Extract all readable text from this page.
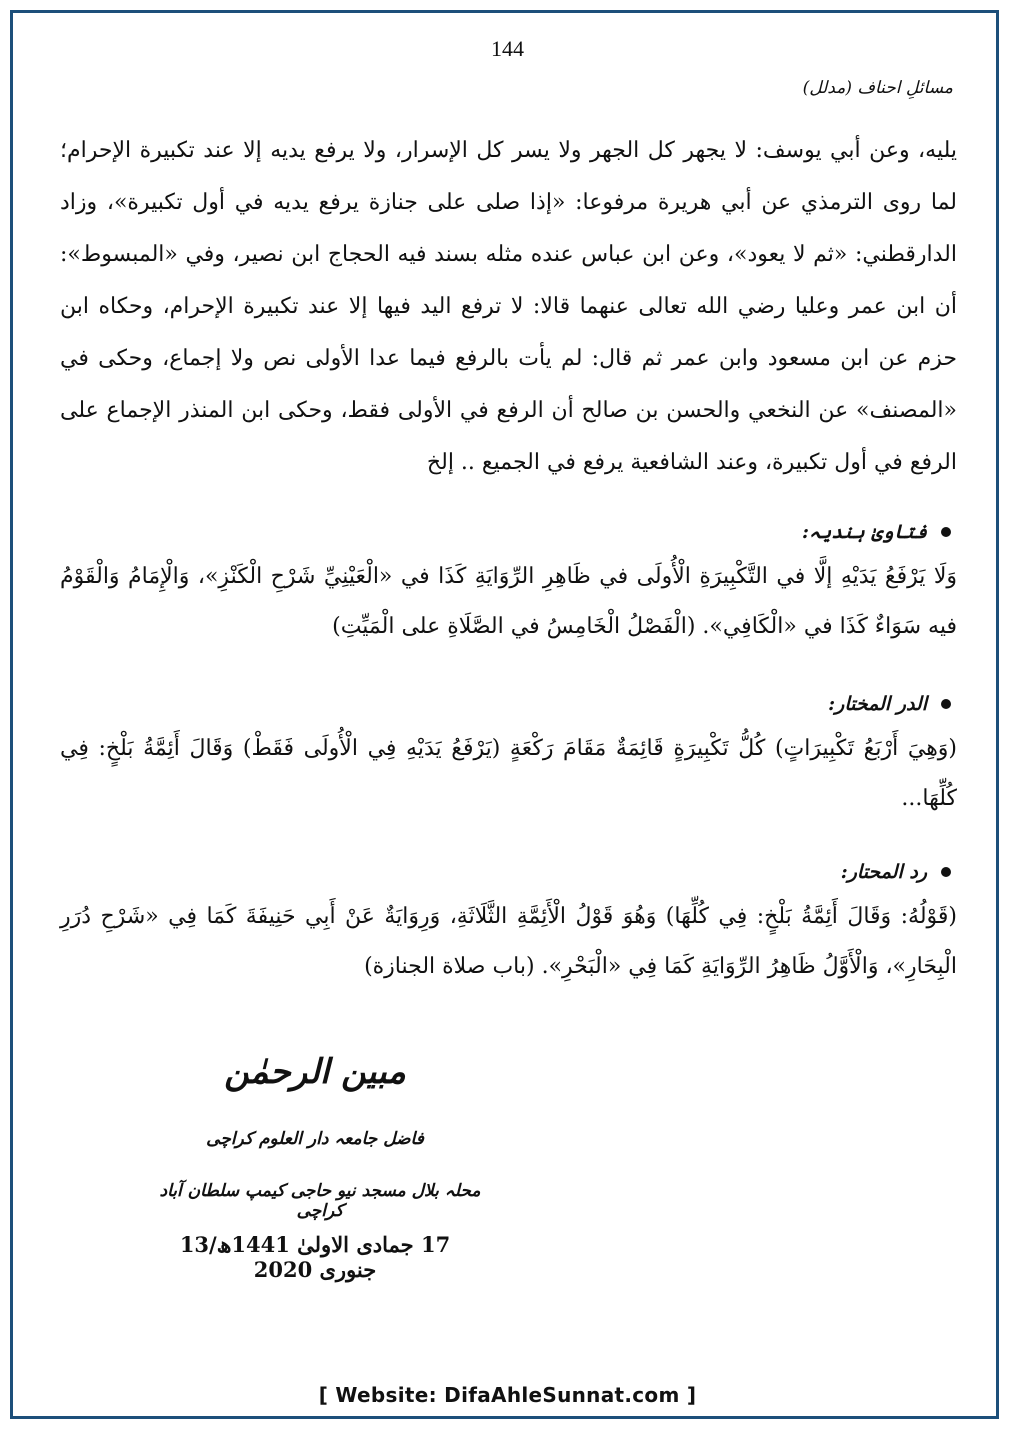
144
مسائلِ احناف (مدلل)

يليه، وعن أبي يوسف: لا يجهر كل الجهر ولا يسر كل الإسرار، ولا يرفع يديه إلا عند تكبيرة الإحرام؛ لما روى الترمذي عن أبي هريرة مرفوعا: «إذا صلى على جنازة يرفع يديه في أول تكبيرة»، وزاد الدارقطني: «ثم لا يعود»، وعن ابن عباس عنده مثله بسند فيه الحجاج ابن نصير، وفي «المبسوط»: أن ابن عمر وعليا رضي الله تعالى عنهما قالا: لا ترفع اليد فيها إلا عند تكبيرة الإحرام، وحكاه ابن حزم عن ابن مسعود وابن عمر ثم قال: لم يأت بالرفع فيما عدا الأولى نص ولا إجماع، وحكى في «المصنف» عن النخعي والحسن بن صالح أن الرفع في الأولى فقط، وحكى ابن المنذر الإجماع على الرفع في أول تكبيرة، وعند الشافعية يرفع في الجميع .. إلخ

فتاویٰ ہندیہ:

وَلَا يَرْفَعُ يَدَيْهِ إلَّا في التَّكْبِيرَةِ الْأُولَى في ظَاهِرِ الرِّوَايَةِ كَذَا في «الْعَيْنِيِّ شَرْحِ الْكَنْزِ»، وَالْإِمَامُ وَالْقَوْمُ فيه سَوَاءٌ كَذَا في «الْكَافِي». (الْفَصْلُ الْخَامِسُ في الصَّلَاةِ على الْمَيِّتِ)

الدر المختار:

(وَهِيَ أَرْبَعُ تَكْبِيرَاتٍ) كُلُّ تَكْبِيرَةٍ قَائِمَةٌ مَقَامَ رَكْعَةٍ (يَرْفَعُ يَدَيْهِ فِي الْأُولَى فَقَطْ) وَقَالَ أَئِمَّةُ بَلْخٍ: فِي كُلِّهَا...

رد المحتار:

(قَوْلُهُ: وَقَالَ أَئِمَّةُ بَلْخٍ: فِي كُلِّهَا) وَهُوَ قَوْلُ الْأَئِمَّةِ الثَّلَاثَةِ، وَرِوَايَةٌ عَنْ أَبِي حَنِيفَةَ كَمَا فِي «شَرْحِ دُرَرِ الْبِحَارِ»، وَالْأَوَّلُ ظَاهِرُ الرِّوَايَةِ كَمَا فِي «الْبَحْرِ». (باب صلاة الجنازة)

مبین الرحمٰن
فاضل جامعہ دار العلوم کراچی
محلہ بلال مسجد نیو حاجی کیمپ سلطان آباد کراچی
17 جمادی الاولیٰ 1441ھ/13 جنوری 2020
[ Website: DifaAhleSunnat.com ]
